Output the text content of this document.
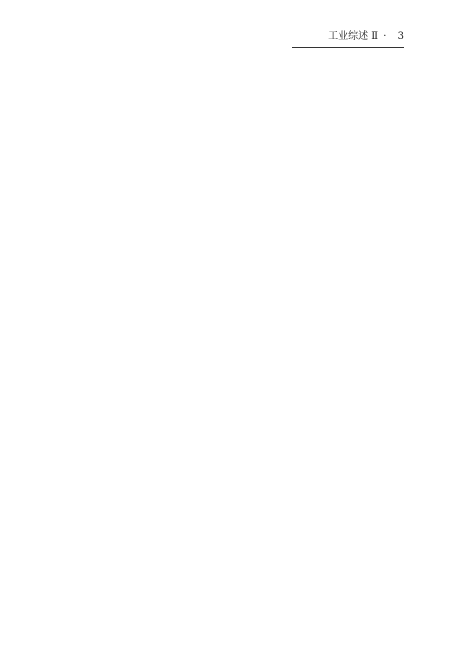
工业综述 Ⅱ · 3
